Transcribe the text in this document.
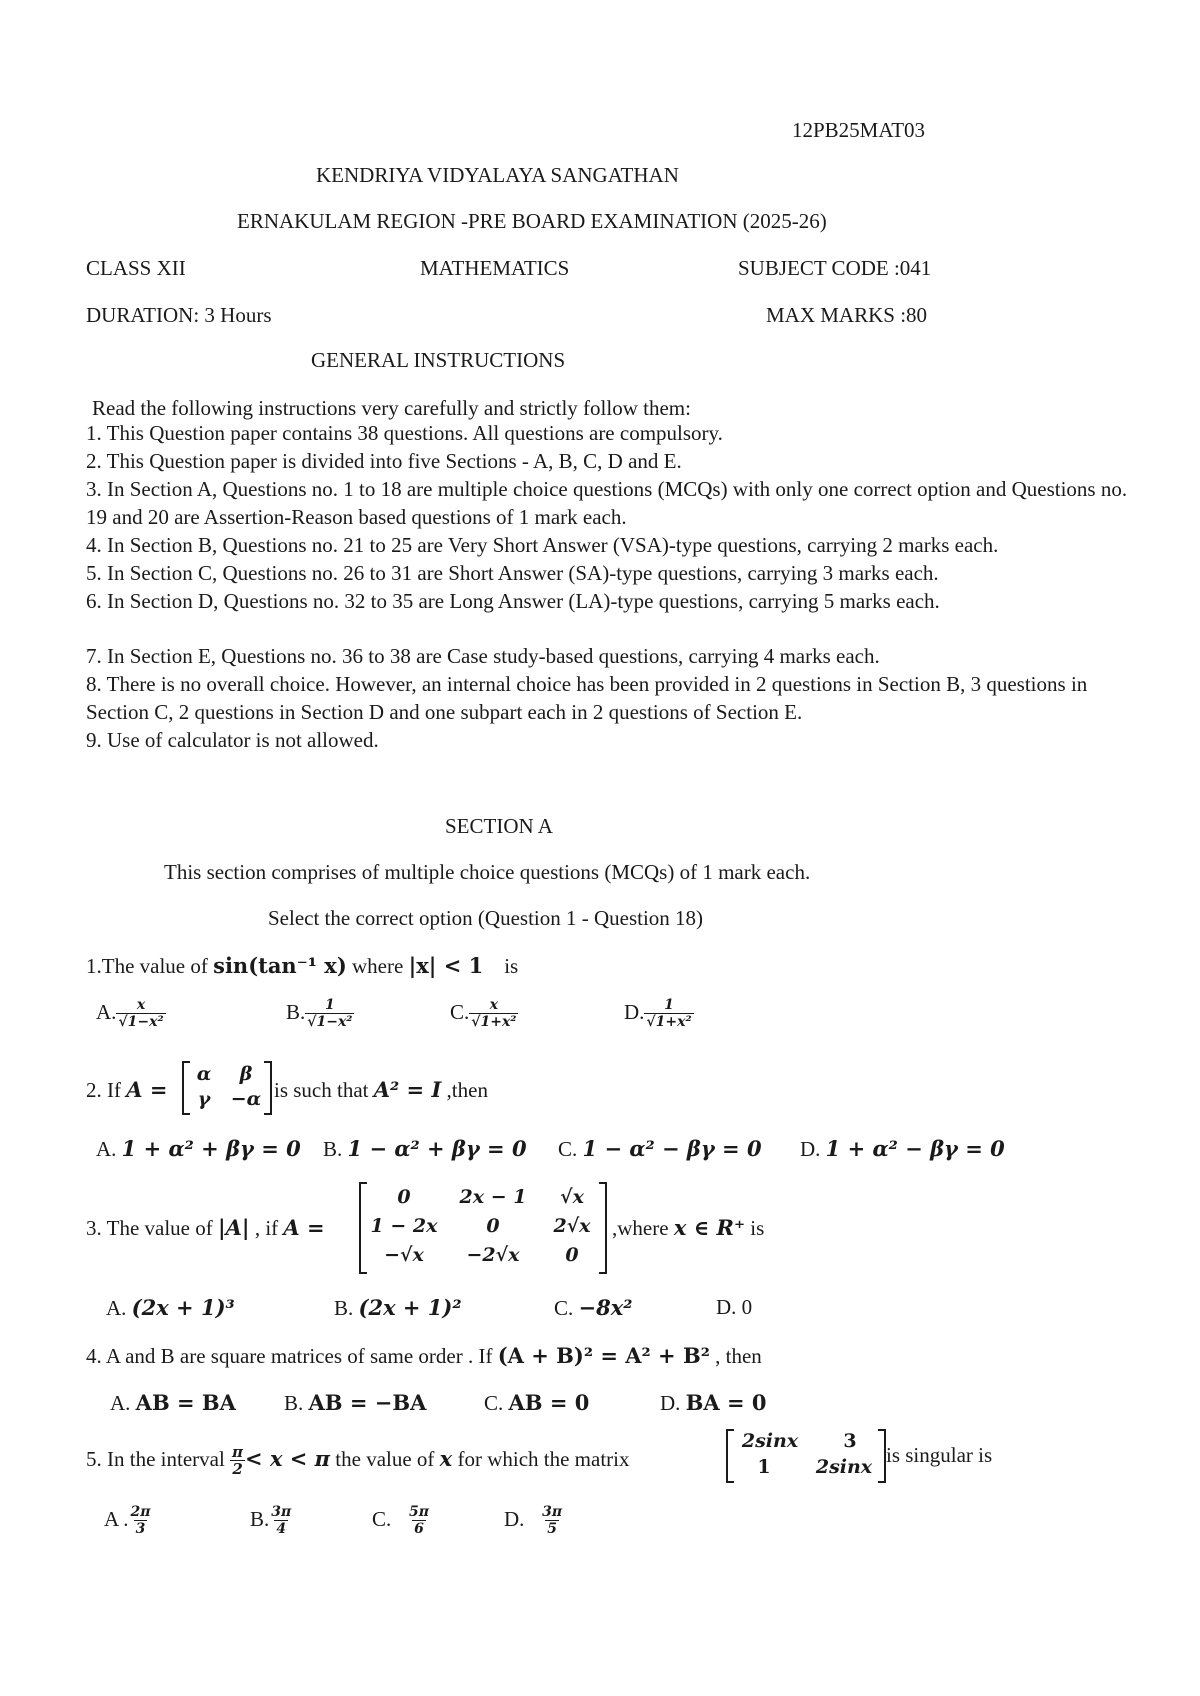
12PB25MAT03
KENDRIYA VIDYALAYA SANGATHAN
ERNAKULAM REGION -PRE BOARD EXAMINATION (2025-26)
CLASS XII	MATHEMATICS	SUBJECT CODE :041
DURATION: 3 Hours	MAX MARKS :80
GENERAL INSTRUCTIONS
Read the following instructions very carefully and strictly follow them:
1. This Question paper contains 38 questions. All questions are compulsory.
2. This Question paper is divided into five Sections - A, B, C, D and E.
3. In Section A, Questions no. 1 to 18 are multiple choice questions (MCQs) with only one correct option and Questions no. 19 and 20 are Assertion-Reason based questions of 1 mark each.
4. In Section B, Questions no. 21 to 25 are Very Short Answer (VSA)-type questions, carrying 2 marks each.
5. In Section C, Questions no. 26 to 31 are Short Answer (SA)-type questions, carrying 3 marks each.
6. In Section D, Questions no. 32 to 35 are Long Answer (LA)-type questions, carrying 5 marks each.
7. In Section E, Questions no. 36 to 38 are Case study-based questions, carrying 4 marks each.
8. There is no overall choice. However, an internal choice has been provided in 2 questions in Section B, 3 questions in Section C, 2 questions in Section D and one subpart each in 2 questions of Section E.
9. Use of calculator is not allowed.
SECTION A
This section comprises of multiple choice questions (MCQs) of 1 mark each.
Select the correct option (Question 1 - Question 18)
1.The value of sin(tan⁻¹ x) where |x| < 1 is
A. $\frac{x}{\text{√1−x²}}$	B. $\frac{1}{\text{√1−x²}}$	C. $\frac{x}{\text{√1+x²}}$	D. $\frac{1}{\text{√1+x²}}$
2. If A =
α	β
γ	−α is such that A² = I ,then
A. 1 + α² + βγ = 0 B. 1 − α² + βγ = 0 C. 1 − α² − βγ = 0 D. 1 + α² − βγ = 0
3. The value of |A| , if A =
0	2x − 1	√x
1 − 2x	0	2√x
−√x	−2√x	0
,where x ∈ R⁺ is
A. (2x + 1)³	B. (2x + 1)²	C. −8x²	D. 0
4. A and B are square matrices of same order . If (A + B)² = A² + B² , then
A. AB = BA B. AB = −BA	C. AB = 0	D. BA = 0
5. In the interval $\frac{\pi}{2} < x < \pi$ the value of x for which the matrix
2sinx	3
1	2sinx is singular is
A . $\frac{2\pi}{3}$	B. $\frac{3\pi}{4}$	C. $\frac{5\pi}{6}$	D. $\frac{3\pi}{5}$
